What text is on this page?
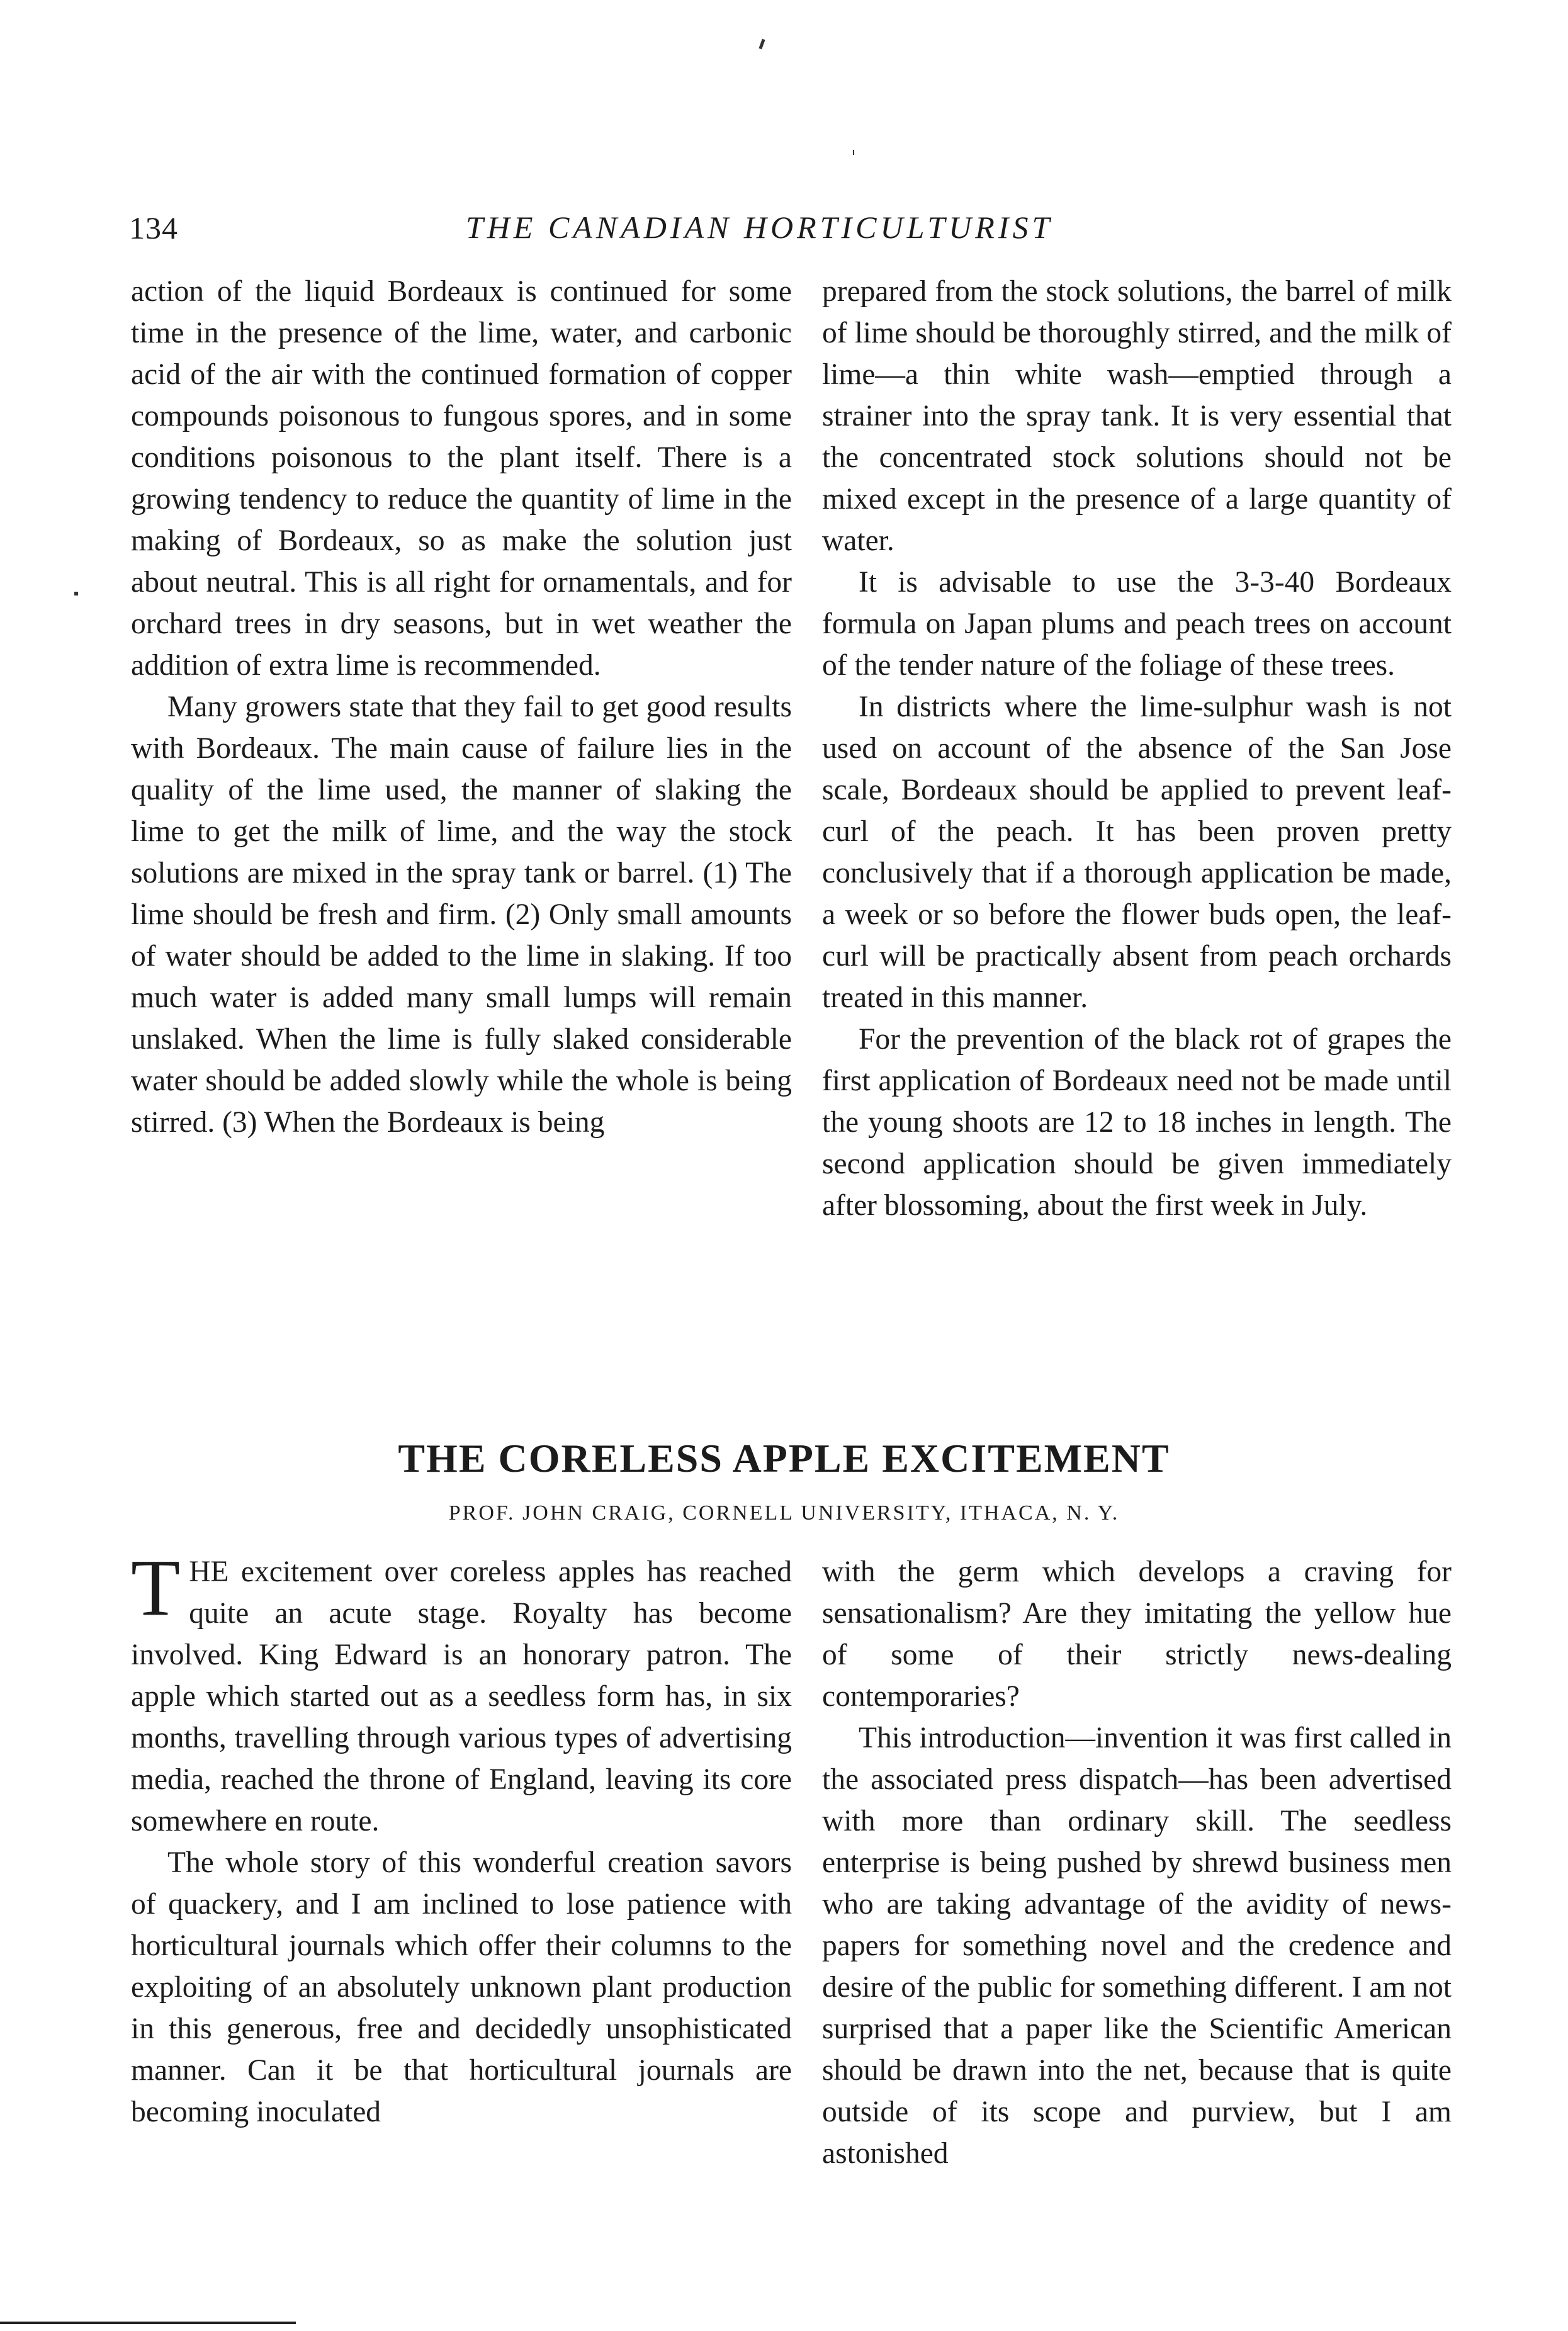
134	THE CANADIAN HORTICULTURIST

action of the liquid Bordeaux is continued for some time in the presence of the lime, water, and carbonic acid of the air with the continued formation of copper compounds poisonous to fungous spores, and in some conditions poisonous to the plant itself. There is a growing tendency to reduce the quantity of lime in the making of Bordeaux, so as make the solution just about neutral. This is all right for ornamentals, and for orchard trees in dry seasons, but in wet weather the addition of extra lime is recommended.

Many growers state that they fail to get good results with Bordeaux. The main cause of failure lies in the quality of the lime used, the manner of slaking the lime to get the milk of lime, and the way the stock solutions are mixed in the spray tank or barrel. (1) The lime should be fresh and firm. (2) Only small amounts of water should be added to the lime in slaking. If too much water is added many small lumps will remain unslaked. When the lime is fully slaked considerable water should be added slowly while the whole is being stirred. (3) When the Bordeaux is being

prepared from the stock solutions, the barrel of milk of lime should be thoroughly stirred, and the milk of lime—a thin white wash—emptied through a strainer into the spray tank. It is very essential that the concentrated stock solutions should not be mixed except in the presence of a large quantity of water.

It is advisable to use the 3-3-40 Bordeaux formula on Japan plums and peach trees on account of the tender nature of the foliage of these trees.

In districts where the lime-sulphur wash is not used on account of the absence of the San Jose scale, Bordeaux should be applied to prevent leaf-curl of the peach. It has been proven pretty conclusively that if a thorough application be made, a week or so before the flower buds open, the leaf-curl will be practically absent from peach orchards treated in this manner.

For the prevention of the black rot of grapes the first application of Bordeaux need not be made until the young shoots are 12 to 18 inches in length. The second application should be given immediately after blossoming, about the first week in July.

THE CORELESS APPLE EXCITEMENT
PROF. JOHN CRAIG, CORNELL UNIVERSITY, ITHACA, N. Y.

THE excitement over coreless apples has reached quite an acute stage. Royalty has become involved. King Edward is an honorary patron. The apple which started out as a seedless form has, in six months, travelling through various types of advertising media, reached the throne of England, leaving its core somewhere en route.

The whole story of this wonderful creation savors of quackery, and I am inclined to lose patience with horticultural journals which offer their columns to the exploiting of an absolutely unknown plant production in this generous, free and decidedly unsophisticated manner. Can it be that horticultural journals are becoming inoculated

with the germ which develops a craving for sensationalism? Are they imitating the yellow hue of some of their strictly news-dealing contemporaries?

This introduction—invention it was first called in the associated press dispatch—has been advertised with more than ordinary skill. The seedless enterprise is being pushed by shrewd business men who are taking advantage of the avidity of newspapers for something novel and the credence and desire of the public for something different. I am not surprised that a paper like the Scientific American should be drawn into the net, because that is quite outside of its scope and purview, but I am astonished
